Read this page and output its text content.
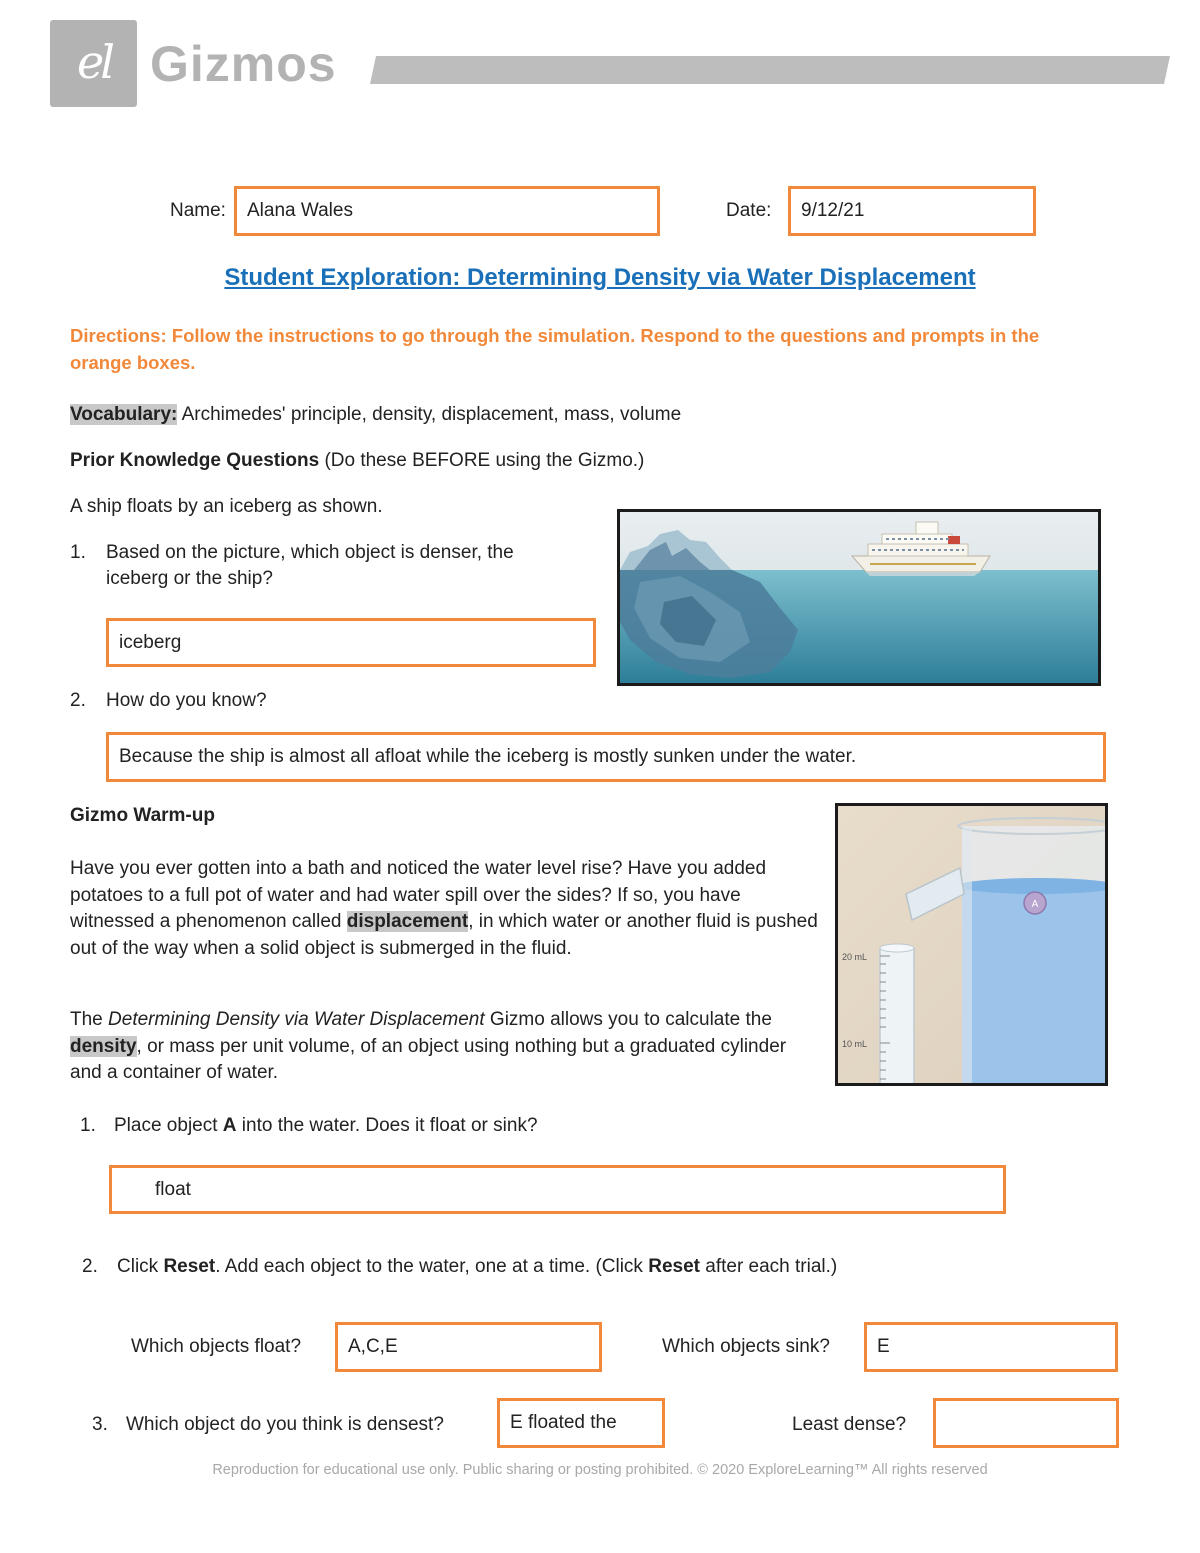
el Gizmos
Name:	Alana Wales	Date:	9/12/21
Student Exploration: Determining Density via Water Displacement
Directions: Follow the instructions to go through the simulation. Respond to the questions and prompts in the orange boxes.
Vocabulary: Archimedes' principle, density, displacement, mass, volume
Prior Knowledge Questions (Do these BEFORE using the Gizmo.)
A ship floats by an iceberg as shown.
1. Based on the picture, which object is denser, the
iceberg or the ship?
iceberg
2. How do you know?
Because the ship is almost all afloat while the iceberg is mostly sunken under the water.
Gizmo Warm-up
Have you ever gotten into a bath and noticed the water level rise? Have you added potatoes to a full pot of water and had water spill over the sides? If so, you have witnessed a phenomenon called displacement, in which water or another fluid is pushed out of the way when a solid object is submerged in the fluid.
The Determining Density via Water Displacement Gizmo allows you to calculate the density, or mass per unit volume, of an object using nothing but a graduated cylinder and a container of water.
A
20 mL
10 mL
1. Place object A into the water. Does it float or sink?
float
2. Click Reset. Add each object to the water, one at a time. (Click Reset after each trial.)
Which objects float?	A,C,E	Which objects sink?	E
3. Which object do you think is densest?	E floated the	Least dense?
Reproduction for educational use only. Public sharing or posting prohibited. © 2020 ExploreLearning™ All rights reserved
